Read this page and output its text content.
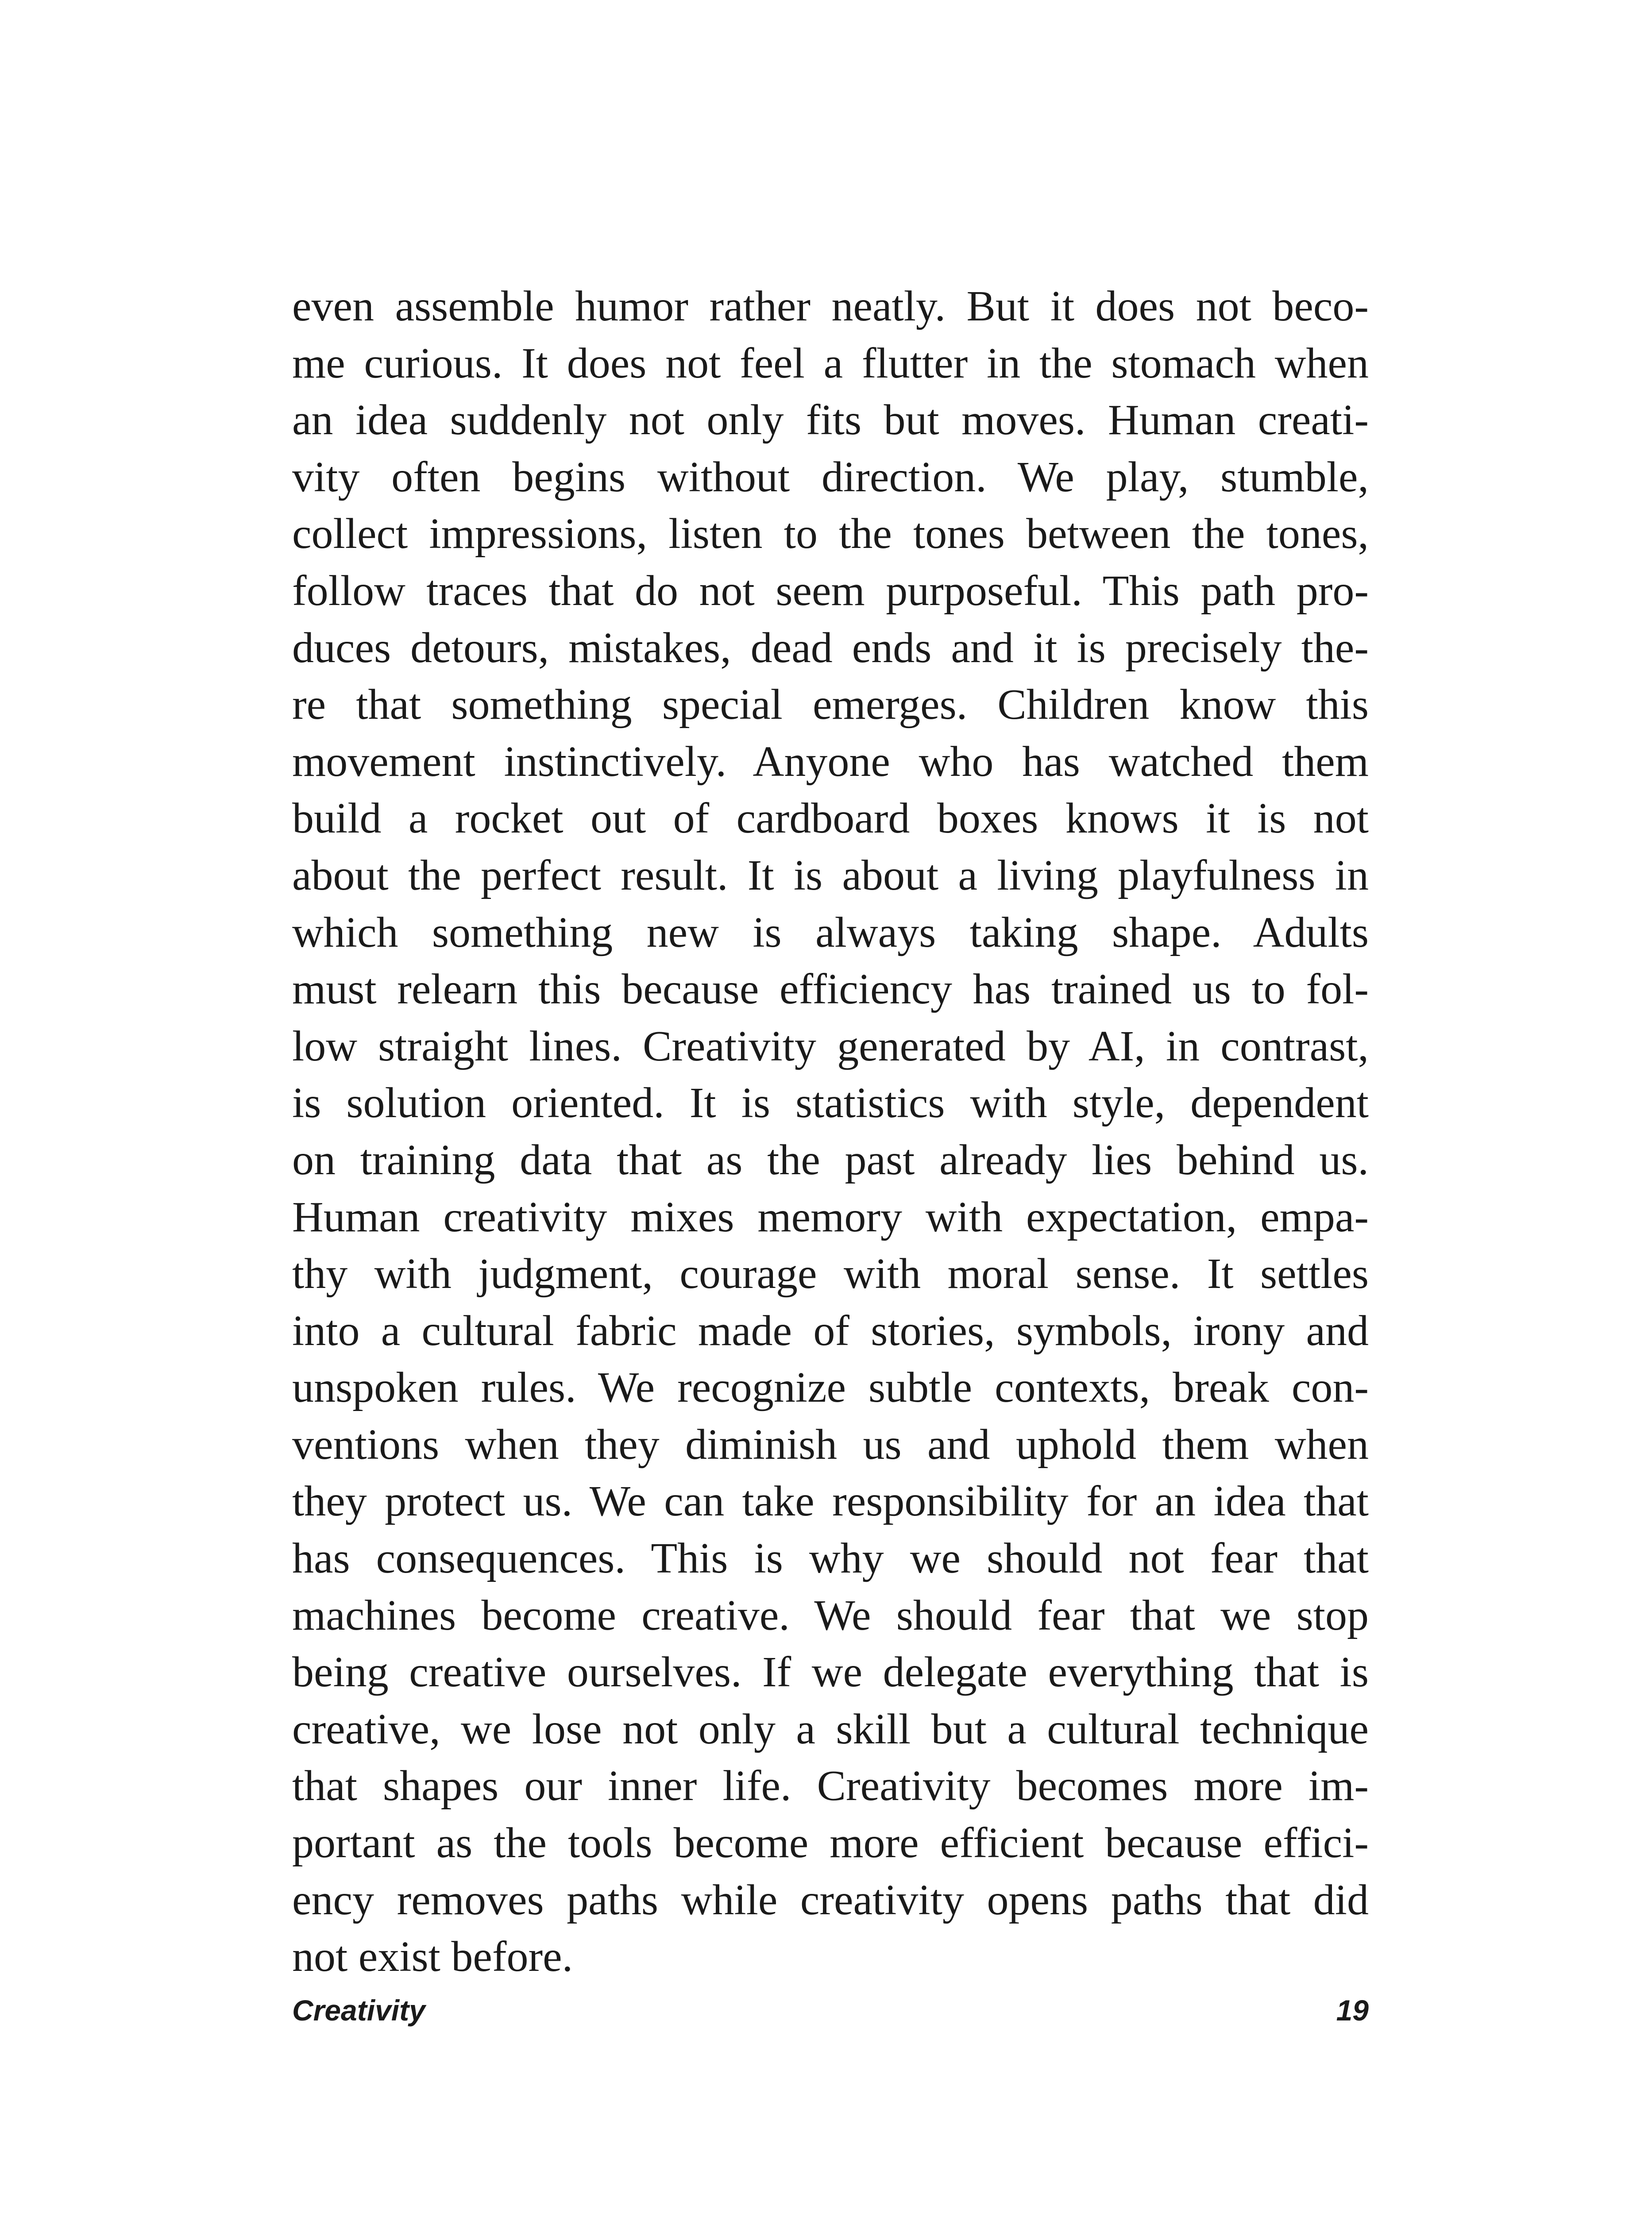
even assemble humor rather neatly. But it does not beco-
me curious. It does not feel a flutter in the stomach when
an idea suddenly not only fits but moves. Human creati-
vity often begins without direction. We play, stumble,
collect impressions, listen to the tones between the tones,
follow traces that do not seem purposeful. This path pro-
duces detours, mistakes, dead ends and it is precisely the-
re that something special emerges. Children know this
movement instinctively. Anyone who has watched them
build a rocket out of cardboard boxes knows it is not
about the perfect result. It is about a living playfulness in
which something new is always taking shape. Adults
must relearn this because efficiency has trained us to fol-
low straight lines. Creativity generated by AI, in contrast,
is solution oriented. It is statistics with style, dependent
on training data that as the past already lies behind us.
Human creativity mixes memory with expectation, empa-
thy with judgment, courage with moral sense. It settles
into a cultural fabric made of stories, symbols, irony and
unspoken rules. We recognize subtle contexts, break con-
ventions when they diminish us and uphold them when
they protect us. We can take responsibility for an idea that
has consequences. This is why we should not fear that
machines become creative. We should fear that we stop
being creative ourselves. If we delegate everything that is
creative, we lose not only a skill but a cultural technique
that shapes our inner life. Creativity becomes more im-
portant as the tools become more efficient because effici-
ency removes paths while creativity opens paths that did
not exist before.
Creativity	19
